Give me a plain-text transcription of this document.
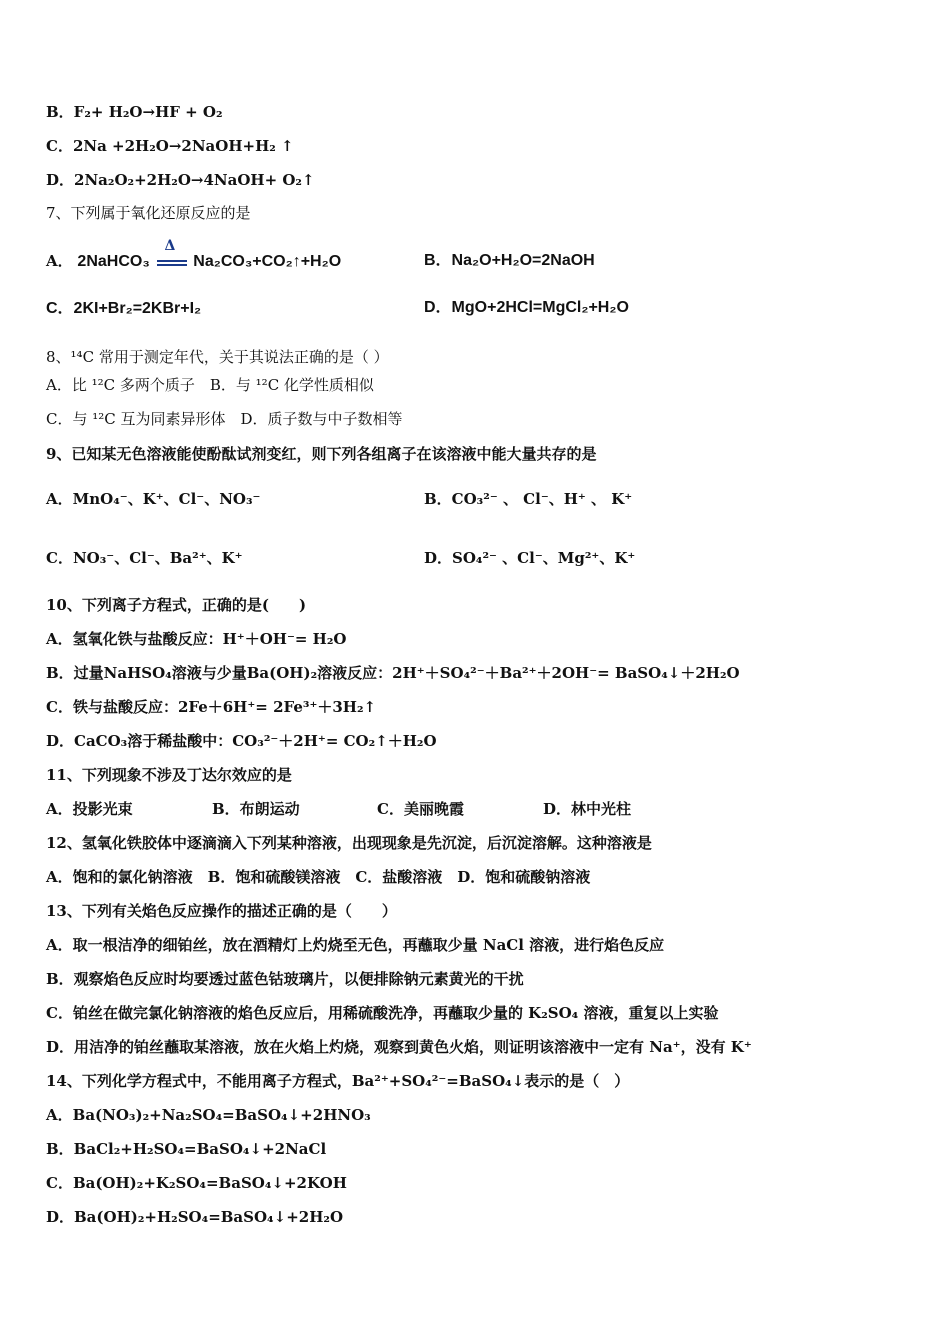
B．F₂+ H₂O→HF + O₂
C．2Na +2H₂O→2NaOH+H₂ ↑
D．2Na₂O₂+2H₂O→4NaOH+ O₂↑
7、下列属于氧化还原反应的是
A． 2NaHCO₃
Δ
Na₂CO₃+CO₂↑+H₂O	B．Na₂O+H₂O=2NaOH
C．2KI+Br₂=2KBr+I₂	D．MgO+2HCl=MgCl₂+H₂O
8、¹⁴C 常用于测定年代，关于其说法正确的是（ ）
A．比 ¹²C 多两个质子　B．与 ¹²C 化学性质相似
C．与 ¹²C 互为同素异形体　D．质子数与中子数相等
9、已知某无色溶液能使酚酞试剂变红，则下列各组离子在该溶液中能大量共存的是
A．MnO₄⁻、K⁺、Cl⁻、NO₃⁻	B．CO₃²⁻ 、 Cl⁻、H⁺ 、 K⁺
C．NO₃⁻、Cl⁻、Ba²⁺、K⁺	D．SO₄²⁻ 、Cl⁻、Mg²⁺、K⁺
10、下列离子方程式，正确的是(　　)
A．氢氧化铁与盐酸反应：H⁺＋OH⁻= H₂O
B．过量NaHSO₄溶液与少量Ba(OH)₂溶液反应：2H⁺＋SO₄²⁻＋Ba²⁺＋2OH⁻= BaSO₄↓＋2H₂O
C．铁与盐酸反应：2Fe＋6H⁺= 2Fe³⁺＋3H₂↑
D．CaCO₃溶于稀盐酸中：CO₃²⁻＋2H⁺= CO₂↑＋H₂O
11、下列现象不涉及丁达尔效应的是
A．投影光束	B．布朗运动	C．美丽晚霞	D．林中光柱
12、氢氧化铁胶体中逐滴滴入下列某种溶液，出现现象是先沉淀，后沉淀溶解。这种溶液是
A．饱和的氯化钠溶液　B．饱和硫酸镁溶液　C．盐酸溶液　D．饱和硫酸钠溶液
13、下列有关焰色反应操作的描述正确的是（　　）
A．取一根洁净的细铂丝，放在酒精灯上灼烧至无色，再蘸取少量 NaCl 溶液，进行焰色反应
B．观察焰色反应时均要透过蓝色钴玻璃片，以便排除钠元素黄光的干扰
C．铂丝在做完氯化钠溶液的焰色反应后，用稀硫酸洗净，再蘸取少量的 K₂SO₄ 溶液，重复以上实验
D．用洁净的铂丝蘸取某溶液，放在火焰上灼烧，观察到黄色火焰，则证明该溶液中一定有 Na⁺，没有 K⁺
14、下列化学方程式中，不能用离子方程式，Ba²⁺+SO₄²⁻=BaSO₄↓表示的是（　）
A．Ba(NO₃)₂+Na₂SO₄=BaSO₄↓+2HNO₃
B．BaCl₂+H₂SO₄=BaSO₄↓+2NaCl
C．Ba(OH)₂+K₂SO₄=BaSO₄↓+2KOH
D．Ba(OH)₂+H₂SO₄=BaSO₄↓+2H₂O
